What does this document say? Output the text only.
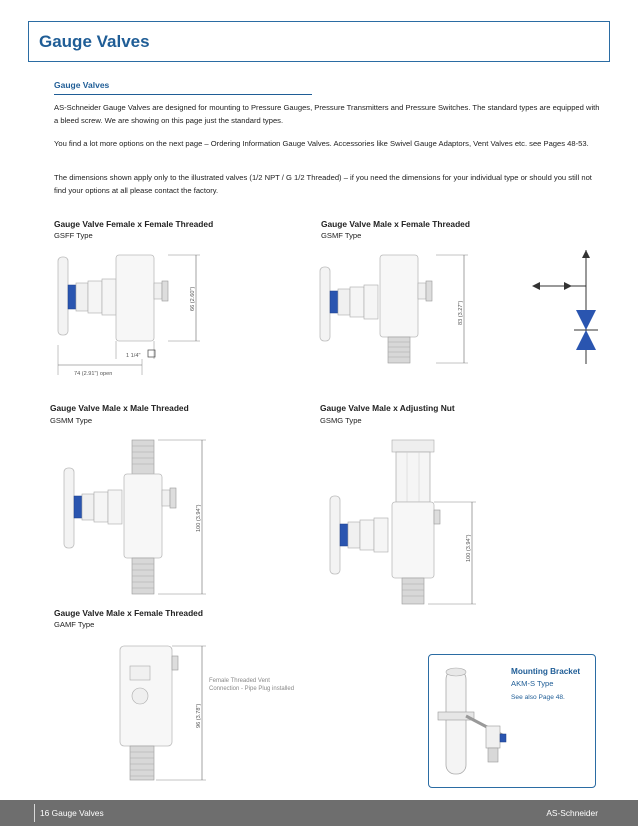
Gauge Valves
Gauge Valves
AS-Schneider Gauge Valves are designed for mounting to Pressure Gauges, Pressure Transmitters and Pressure Switches. The standard types are equipped with a bleed screw. We are showing on this page just the standard types.
You find a lot more options on the next page – Ordering Information Gauge Valves. Accessories like Swivel Gauge Adaptors, Vent Valves etc. see Pages 48-53.
The dimensions shown apply only to the illustrated valves (1/2 NPT / G 1/2 Threaded) – if you need the dimensions for your individual type or should you still not find your options at all please contact the factory.
Gauge Valve Female x Female Threaded
GSFF Type
66 (2.60")
1 1/4"
74 (2.91") open
Gauge Valve Male x Female Threaded
GSMF Type
83 (3.27")
Gauge Valve Male x Male Threaded
GSMM Type
100 (3.94")
Gauge Valve Male x Adjusting Nut
GSMG Type
100 (3.94")
Gauge Valve Male x Female Threaded
GAMF Type
96 (3.78")
Female Threaded Vent Connection - Pipe Plug installed
Mounting Bracket
AKM-S Type
See also Page 48.
16 Gauge Valves	AS-Schneider
